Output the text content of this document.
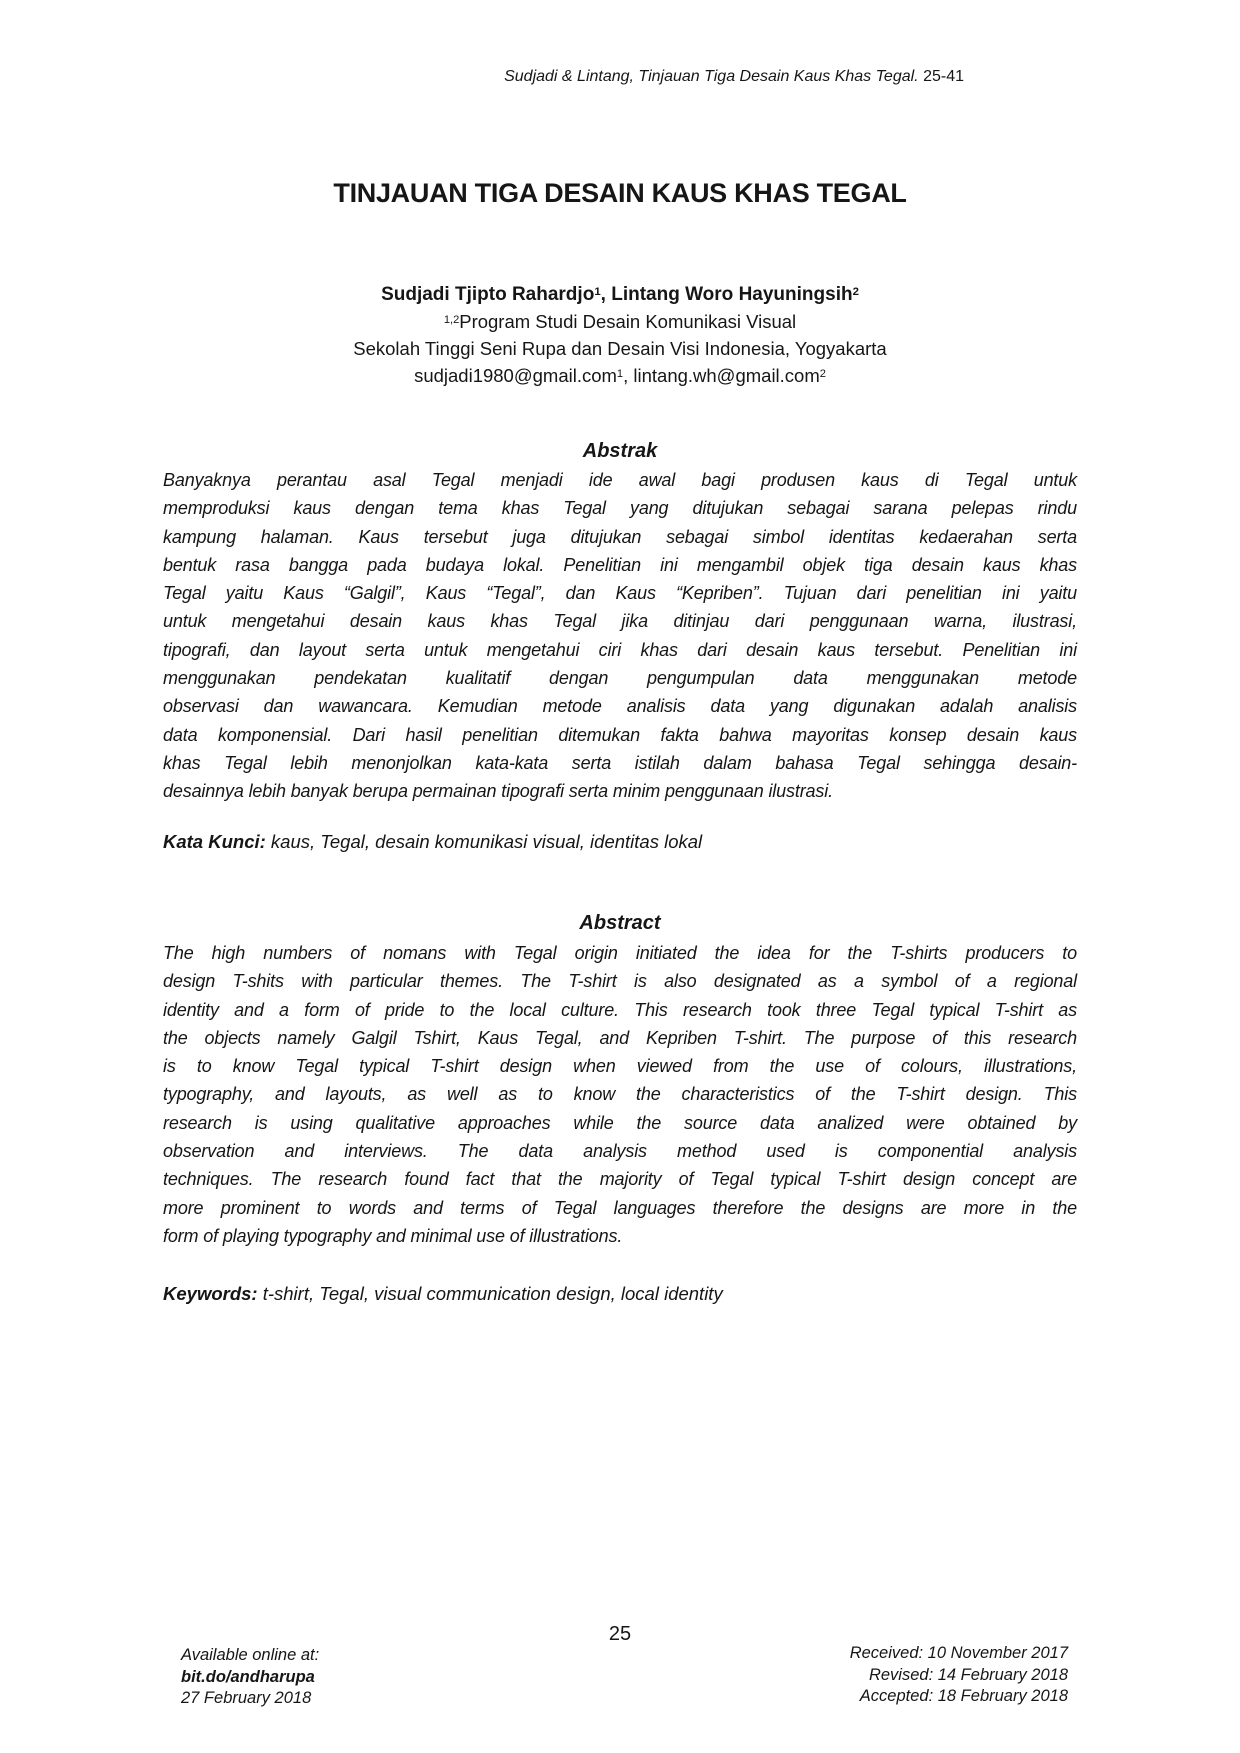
Sudjadi & Lintang, Tinjauan Tiga Desain Kaus Khas Tegal. 25-41
TINJAUAN TIGA DESAIN KAUS KHAS TEGAL
Sudjadi Tjipto Rahardjo$^1$, Lintang Woro Hayuningsih$^2$
$^{1,2}$Program Studi Desain Komunikasi Visual
Sekolah Tinggi Seni Rupa dan Desain Visi Indonesia, Yogyakarta
sudjadi1980@gmail.com$^1$, lintang.wh@gmail.com$^2$
Abstrak
Banyaknya perantau asal Tegal menjadi ide awal bagi produsen kaus di Tegal untuk
memproduksi kaus dengan tema khas Tegal yang ditujukan sebagai sarana pelepas rindu
kampung halaman. Kaus tersebut juga ditujukan sebagai simbol identitas kedaerahan serta
bentuk rasa bangga pada budaya lokal. Penelitian ini mengambil objek tiga desain kaus khas
Tegal yaitu Kaus “Galgil”, Kaus “Tegal”, dan Kaus “Kepriben”. Tujuan dari penelitian ini yaitu
untuk mengetahui desain kaus khas Tegal jika ditinjau dari penggunaan warna, ilustrasi,
tipografi, dan layout serta untuk mengetahui ciri khas dari desain kaus tersebut. Penelitian ini
menggunakan pendekatan kualitatif dengan pengumpulan data menggunakan metode
observasi dan wawancara. Kemudian metode analisis data yang digunakan adalah analisis
data komponensial. Dari hasil penelitian ditemukan fakta bahwa mayoritas konsep desain kaus
khas Tegal lebih menonjolkan kata-kata serta istilah dalam bahasa Tegal sehingga desain-
desainnya lebih banyak berupa permainan tipografi serta minim penggunaan ilustrasi.
Kata Kunci: kaus, Tegal, desain komunikasi visual, identitas lokal
Abstract
The high numbers of nomans with Tegal origin initiated the idea for the T-shirts producers to
design T-shits with particular themes. The T-shirt is also designated as a symbol of a regional
identity and a form of pride to the local culture. This research took three Tegal typical T-shirt as
the objects namely Galgil Tshirt, Kaus Tegal, and Kepriben T-shirt. The purpose of this research
is to know Tegal typical T-shirt design when viewed from the use of colours, illustrations,
typography, and layouts, as well as to know the characteristics of the T-shirt design. This
research is using qualitative approaches while the source data analized were obtained by
observation and interviews. The data analysis method used is componential analysis
techniques. The research found fact that the majority of Tegal typical T-shirt design concept are
more prominent to words and terms of Tegal languages therefore the designs are more in the
form of playing typography and minimal use of illustrations.
Keywords: t-shirt, Tegal, visual communication design, local identity
25
Available online at:
bit.do/andharupa
27 February 2018
Received: 10 November 2017
Revised: 14 February 2018
Accepted: 18 February 2018
